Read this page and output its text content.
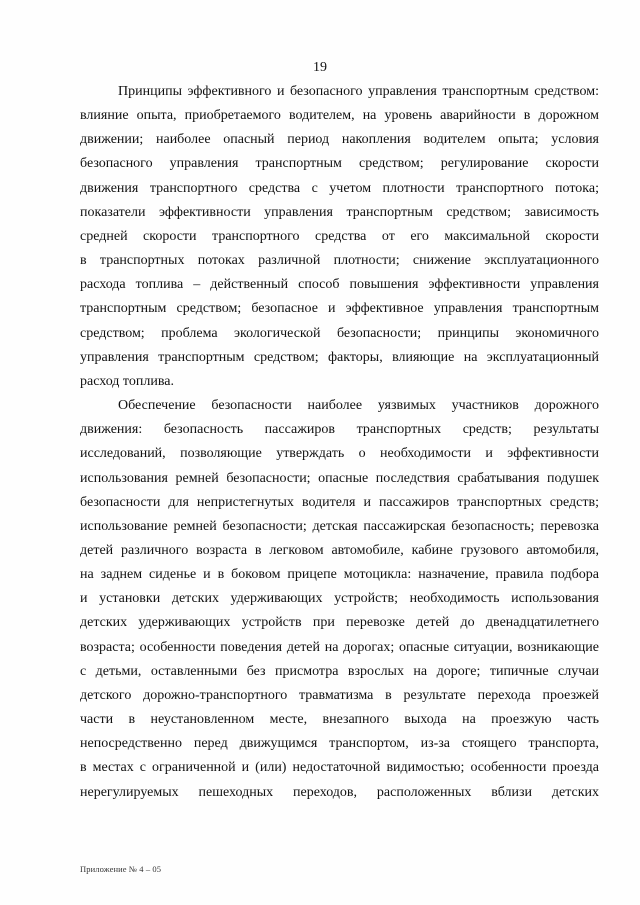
19
Принципы эффективного и безопасного управления транспортным средством:
влияние опыта, приобретаемого водителем, на уровень аварийности в дорожном
движении; наиболее опасный период накопления водителем опыта; условия
безопасного управления транспортным средством; регулирование скорости
движения транспортного средства с учетом плотности транспортного потока;
показатели эффективности управления транспортным средством; зависимость
средней скорости транспортного средства от его максимальной скорости
в транспортных потоках различной плотности; снижение эксплуатационного
расхода топлива – действенный способ повышения эффективности управления
транспортным средством; безопасное и эффективное управления транспортным
средством; проблема экологической безопасности; принципы экономичного
управления транспортным средством; факторы, влияющие на эксплуатационный
расход топлива.
Обеспечение безопасности наиболее уязвимых участников дорожного
движения: безопасность пассажиров транспортных средств; результаты
исследований, позволяющие утверждать о необходимости и эффективности
использования ремней безопасности; опасные последствия срабатывания подушек
безопасности для непристегнутых водителя и пассажиров транспортных средств;
использование ремней безопасности; детская пассажирская безопасность; перевозка
детей различного возраста в легковом автомобиле, кабине грузового автомобиля,
на заднем сиденье и в боковом прицепе мотоцикла: назначение, правила подбора
и установки детских удерживающих устройств; необходимость использования
детских удерживающих устройств при перевозке детей до двенадцатилетнего
возраста; особенности поведения детей на дорогах; опасные ситуации, возникающие
с детьми, оставленными без присмотра взрослых на дороге; типичные случаи
детского дорожно-транспортного травматизма в результате перехода проезжей
части в неустановленном месте, внезапного выхода на проезжую часть
непосредственно перед движущимся транспортом, из-за стоящего транспорта,
в местах с ограниченной и (или) недостаточной видимостью; особенности проезда
нерегулируемых пешеходных переходов, расположенных вблизи детских
Приложение № 4 – 05
